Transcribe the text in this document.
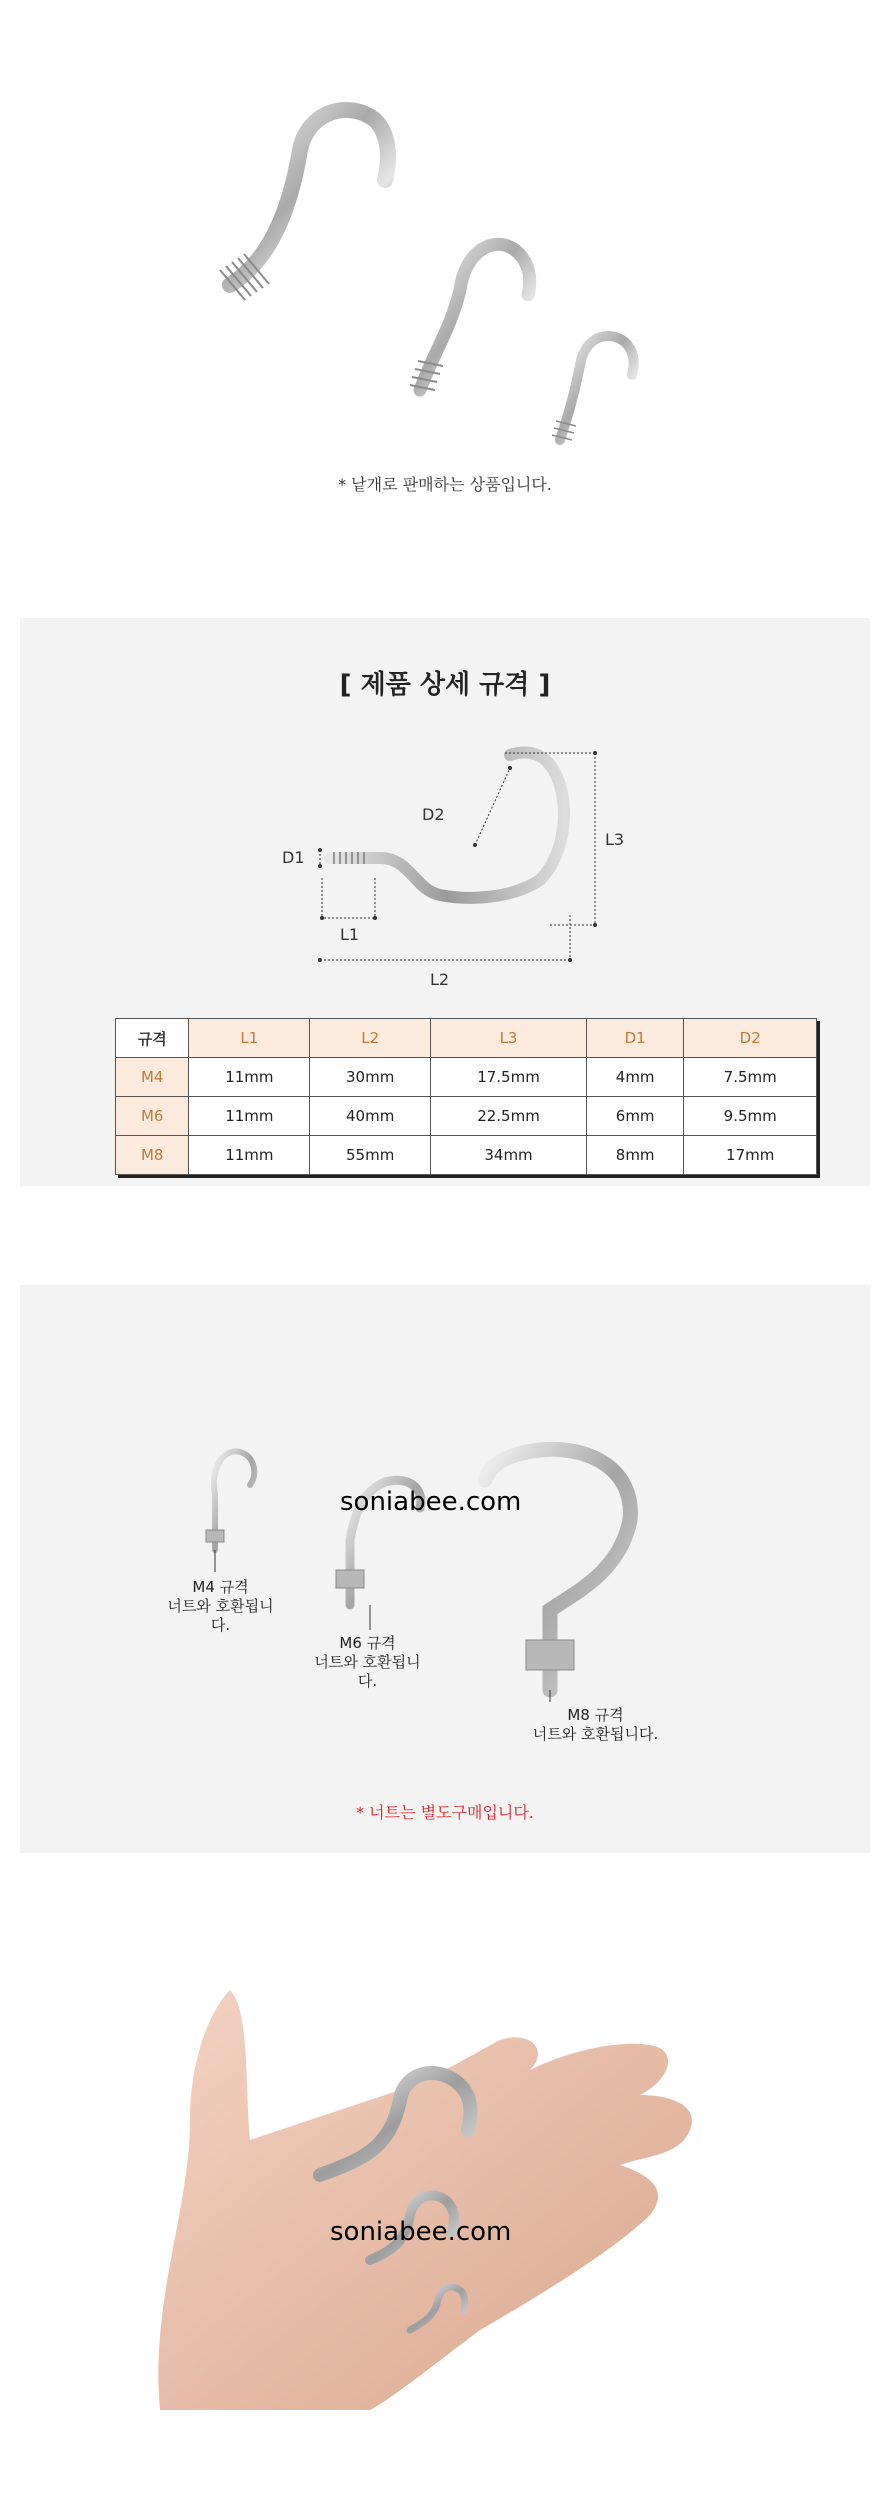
* 낱개로 판매하는 상품입니다.
[ 제품 상세 규격 ]
D1
D2
L1
L2
L3
규격	L1	L2	L3	D1	D2
M4	11mm	30mm	17.5mm	4mm	7.5mm
M6	11mm	40mm	22.5mm	6mm	9.5mm
M8	11mm	55mm	34mm	8mm	17mm
soniabee.com
M4 규격
너트와 호환됩니다.
M6 규격
너트와 호환됩니다.
M8 규격
너트와 호환됩니다.
* 너트는 별도구매입니다.
soniabee.com
